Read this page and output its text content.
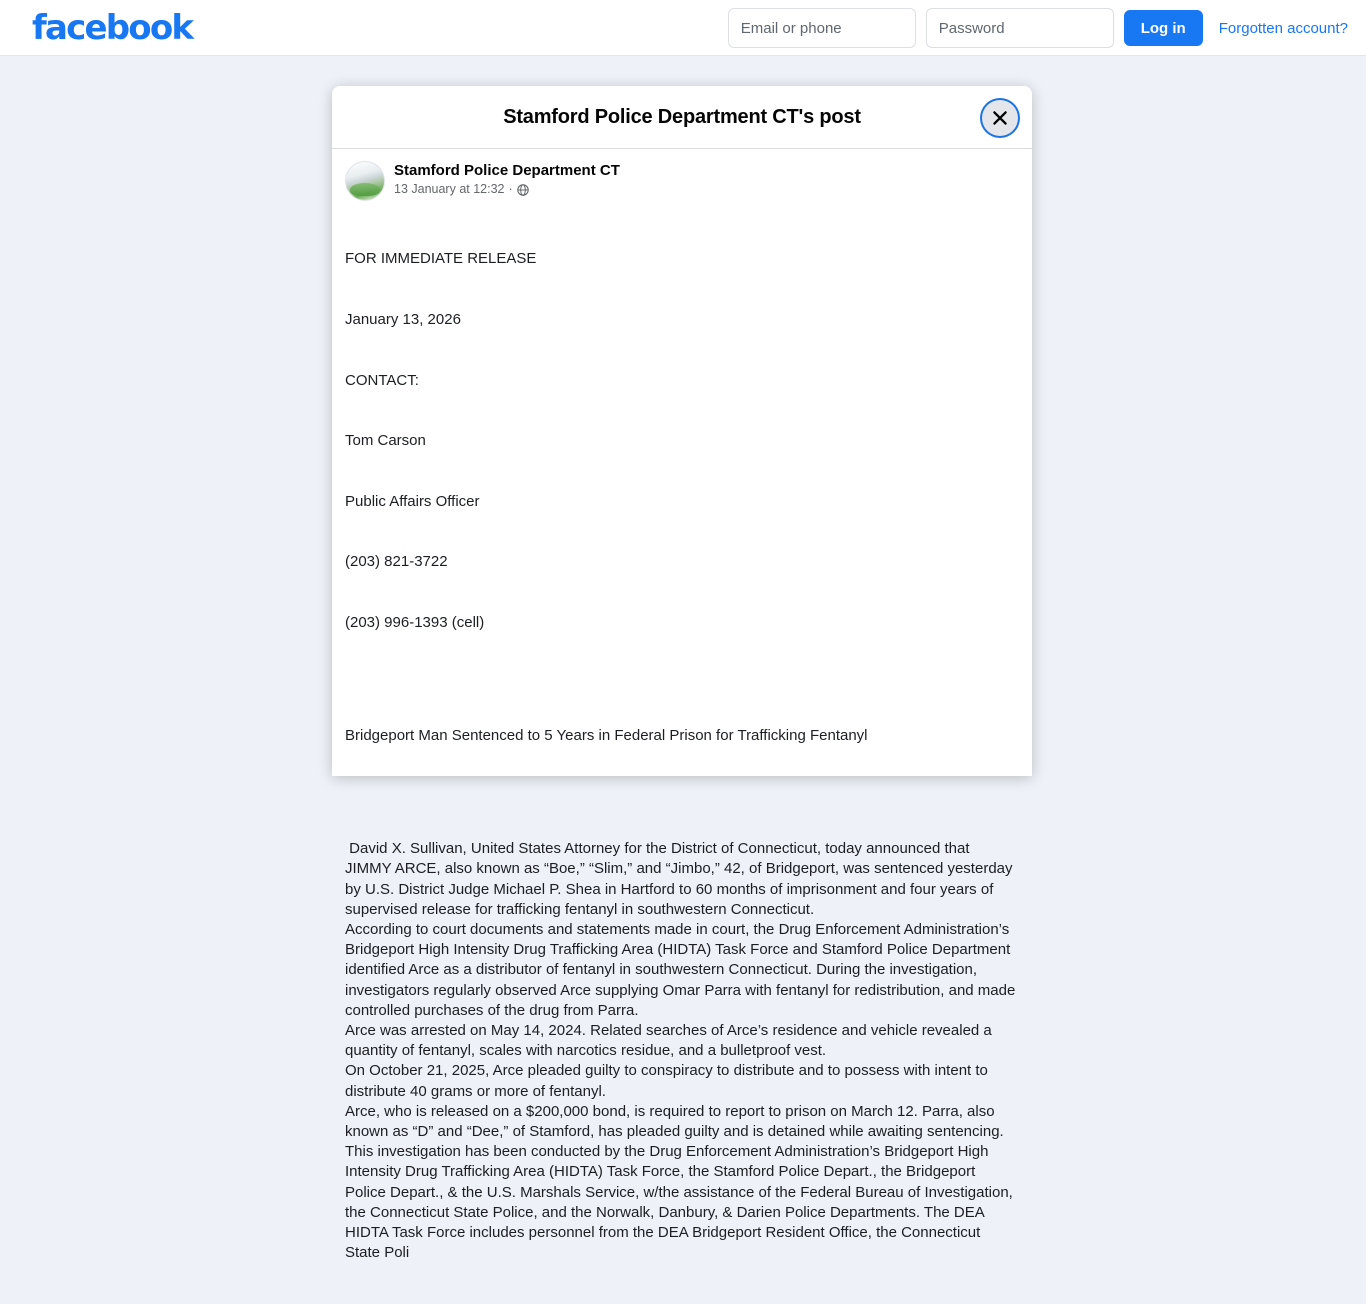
facebook
Email or phone	Log in	Forgotten account?
Stamford Police Department CT's post
Stamford Police Department CT
13 January at 12:32 ·

FOR IMMEDIATE RELEASE

January 13, 2026

CONTACT:

Tom Carson

Public Affairs Officer

(203) 821-3722

(203) 996-1393 (cell)

Bridgeport Man Sentenced to 5 Years in Federal Prison for Trafficking Fentanyl

David X. Sullivan, United States Attorney for the District of Connecticut, today announced that JIMMY ARCE, also known as “Boe,” “Slim,” and “Jimbo,” 42, of Bridgeport, was sentenced yesterday by U.S. District Judge Michael P. Shea in Hartford to 60 months of imprisonment and four years of supervised release for trafficking fentanyl in southwestern Connecticut.

According to court documents and statements made in court, the Drug Enforcement Administration’s Bridgeport High Intensity Drug Trafficking Area (HIDTA) Task Force and Stamford Police Department identified Arce as a distributor of fentanyl in southwestern Connecticut. During the investigation, investigators regularly observed Arce supplying Omar Parra with fentanyl for redistribution, and made controlled purchases of the drug from Parra.

Arce was arrested on May 14, 2024. Related searches of Arce’s residence and vehicle revealed a quantity of fentanyl, scales with narcotics residue, and a bulletproof vest.

On October 21, 2025, Arce pleaded guilty to conspiracy to distribute and to possess with intent to distribute 40 grams or more of fentanyl.

Arce, who is released on a $200,000 bond, is required to report to prison on March 12. Parra, also known as “D” and “Dee,” of Stamford, has pleaded guilty and is detained while awaiting sentencing.

This investigation has been conducted by the Drug Enforcement Administration’s Bridgeport High Intensity Drug Trafficking Area (HIDTA) Task Force, the Stamford Police Depart., the Bridgeport Police Depart., & the U.S. Marshals Service, w/the assistance of the Federal Bureau of Investigation, the Connecticut State Police, and the Norwalk, Danbury, & Darien Police Departments. The DEA HIDTA Task Force includes personnel from the DEA Bridgeport Resident Office, the Connecticut State Poli
